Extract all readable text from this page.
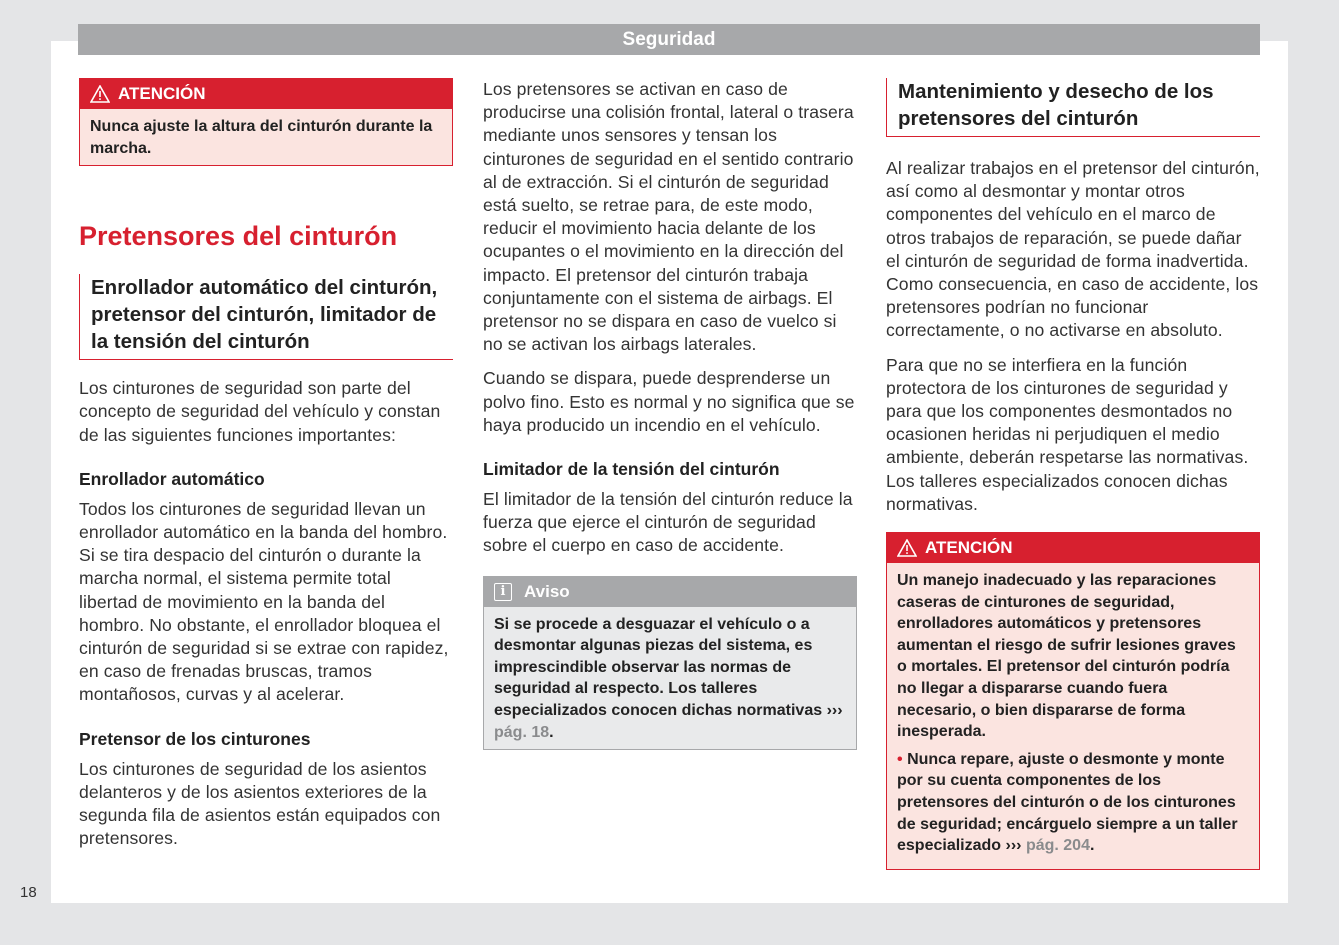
Seguridad
ATENCIÓN
Nunca ajuste la altura del cinturón durante la marcha.
Pretensores del cinturón
Enrollador automático del cinturón, pretensor del cinturón, limitador de la tensión del cinturón

Los cinturones de seguridad son parte del concepto de seguridad del vehículo y constan de las siguientes funciones importantes:

Enrollador automático

Todos los cinturones de seguridad llevan un enrollador automático en la banda del hombro. Si se tira despacio del cinturón o durante la marcha normal, el sistema permite total libertad de movimiento en la banda del hombro. No obstante, el enrollador bloquea el cinturón de seguridad si se extrae con rapidez, en caso de frenadas bruscas, tramos montañosos, curvas y al acelerar.

Pretensor de los cinturones

Los cinturones de seguridad de los asientos delanteros y de los asientos exteriores de la segunda fila de asientos están equipados con pretensores.

Los pretensores se activan en caso de producirse una colisión frontal, lateral o trasera mediante unos sensores y tensan los cinturones de seguridad en el sentido contrario al de extracción. Si el cinturón de seguridad está suelto, se retrae para, de este modo, reducir el movimiento hacia delante de los ocupantes o el movimiento en la dirección del impacto. El pretensor del cinturón trabaja conjuntamente con el sistema de airbags. El pretensor no se dispara en caso de vuelco si no se activan los airbags laterales.

Cuando se dispara, puede desprenderse un polvo fino. Esto es normal y no significa que se haya producido un incendio en el vehículo.

Limitador de la tensión del cinturón

El limitador de la tensión del cinturón reduce la fuerza que ejerce el cinturón de seguridad sobre el cuerpo en caso de accidente.

i	Aviso
Si se procede a desguazar el vehículo o a desmontar algunas piezas del sistema, es imprescindible observar las normas de seguridad al respecto. Los talleres especializados conocen dichas normativas ››› pág. 18.
Mantenimiento y desecho de los pretensores del cinturón

Al realizar trabajos en el pretensor del cinturón, así como al desmontar y montar otros componentes del vehículo en el marco de otros trabajos de reparación, se puede dañar el cinturón de seguridad de forma inadvertida. Como consecuencia, en caso de accidente, los pretensores podrían no funcionar correctamente, o no activarse en absoluto.

Para que no se interfiera en la función protectora de los cinturones de seguridad y para que los componentes desmontados no ocasionen heridas ni perjudiquen el medio ambiente, deberán respetarse las normativas. Los talleres especializados conocen dichas normativas.

ATENCIÓN

Un manejo inadecuado y las reparaciones caseras de cinturones de seguridad, enrolladores automáticos y pretensores aumentan el riesgo de sufrir lesiones graves o mortales. El pretensor del cinturón podría no llegar a dispararse cuando fuera necesario, o bien dispararse de forma inesperada.

• Nunca repare, ajuste o desmonte y monte por su cuenta componentes de los pretensores del cinturón o de los cinturones de seguridad; encárguelo siempre a un taller especializado ››› pág. 204.

18
